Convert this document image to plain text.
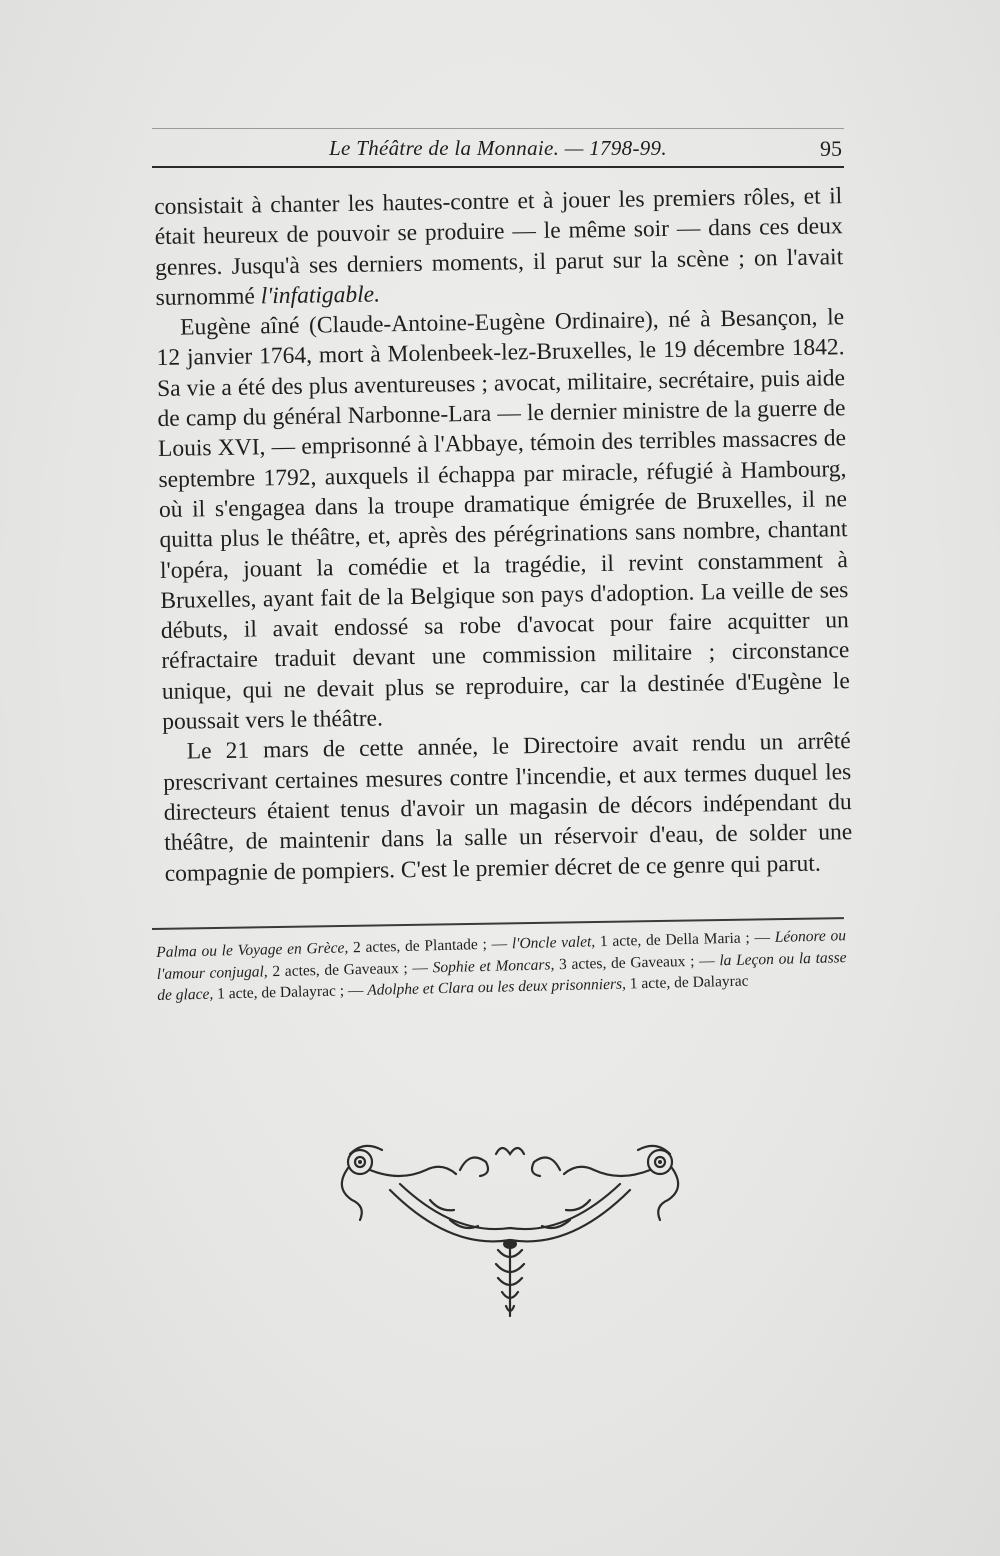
Le Théâtre de la Monnaie. — 1798-99.	95

consistait à chanter les hautes-contre et à jouer les premiers rôles, et il était heureux de pouvoir se produire — le même soir — dans ces deux genres. Jusqu'à ses derniers moments, il parut sur la scène ; on l'avait surnommé l'infatigable.

Eugène aîné (Claude-Antoine-Eugène Ordinaire), né à Besançon, le 12 janvier 1764, mort à Molenbeek-lez-Bruxelles, le 19 décembre 1842. Sa vie a été des plus aventureuses ; avocat, militaire, secrétaire, puis aide de camp du général Narbonne-Lara — le dernier ministre de la guerre de Louis XVI, — emprisonné à l'Abbaye, témoin des terribles massacres de septembre 1792, auxquels il échappa par miracle, réfugié à Hambourg, où il s'engagea dans la troupe dramatique émigrée de Bruxelles, il ne quitta plus le théâtre, et, après des pérégrinations sans nombre, chantant l'opéra, jouant la comédie et la tragédie, il revint constamment à Bruxelles, ayant fait de la Belgique son pays d'adoption. La veille de ses débuts, il avait endossé sa robe d'avocat pour faire acquitter un réfractaire traduit devant une commission militaire ; circonstance unique, qui ne devait plus se reproduire, car la destinée d'Eugène le poussait vers le théâtre.

Le 21 mars de cette année, le Directoire avait rendu un arrêté prescrivant certaines mesures contre l'incendie, et aux termes duquel les directeurs étaient tenus d'avoir un magasin de décors indépendant du théâtre, de maintenir dans la salle un réservoir d'eau, de solder une compagnie de pompiers. C'est le premier décret de ce genre qui parut.

Palma ou le Voyage en Grèce, 2 actes, de Plantade ; — l'Oncle valet, 1 acte, de Della Maria ; — Léonore ou l'amour conjugal, 2 actes, de Gaveaux ; — Sophie et Moncars, 3 actes, de Gaveaux ; — la Leçon ou la tasse de glace, 1 acte, de Dalayrac ; — Adolphe et Clara ou les deux prisonniers, 1 acte, de Dalayrac
